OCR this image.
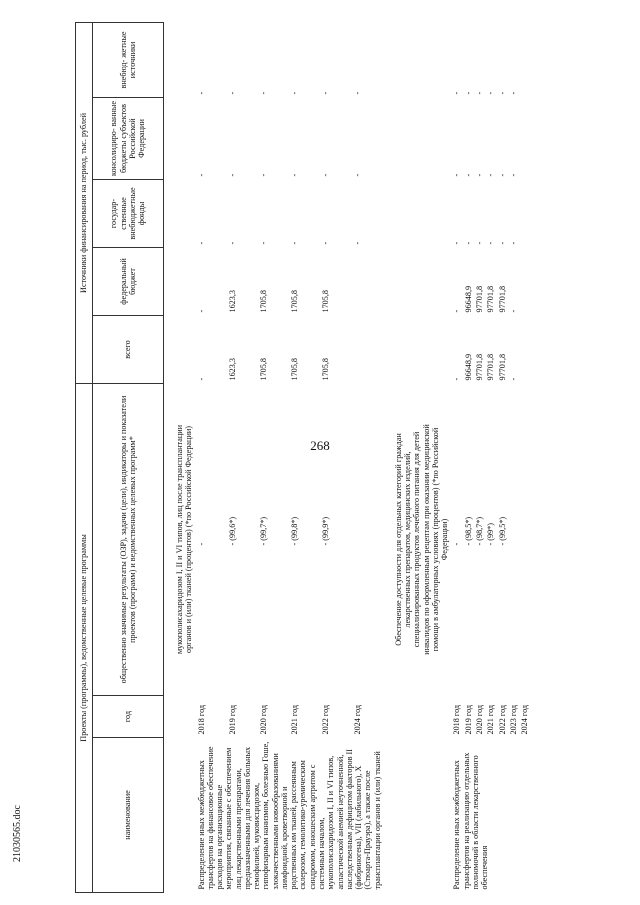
268
21030565.doc
Проекты (программы), ведомственные целевые программы			Источники финансирования на период, тыс. рублей				
наименование	год	общественно значимые результаты (ОЗР), задачи (цели), индикаторы и показатели проектов (программ) и ведомственных целевых программ*	всего	федеральный бюджет	государ- ственные внебюджетные фонды	консолидиро- ванные бюджеты субъектов Российской Федерации	внебюд- жетные источники

		мукополисахаридозом I, II и VI типов, лиц после трансплантации органов и (или) тканей (процентов) (*по Российской Федерации)					
Распределение иных межбюджетных трансфертов на финансовое обеспечение расходов на организационные мероприятия, связанные с обеспечением лиц лекарственными препаратами, предназначенными для лечения больных гемофилией, муковисцидозом, гипофизарным нанизмом, болезнью Гоше, злокачественными новообразованиями лимфоидной, кроветворной и родственных им тканей, рассеянным склерозом, гемолитико-уремическим синдромом, юношеским артритом с системным началом, мукополисахаридозом I, II и VI типов, апластической анемией неуточненной, наследственным дефицитом факторов II (фибриногена), VII (лабильного), X (Стюарта-Прауэра), а также после трансплантации органов и (или) тканей	2018 год	-	-	-	-	-	-
	2019 год	- (99,6*)	1623,3	1623,3	-	-	-
	2020 год	- (99,7*)	1705,8	1705,8	-	-	-
	2021 год	- (99,8*)	1705,8	1705,8	-	-	-
	2022 год	- (99,9*)	1705,8	1705,8	-	-	-
	2024 год				-	-	-

		Обеспечение доступности для отдельных категорий граждан лекарственных препаратов, медицинских изделий, специализированных продуктов лечебного питания для детей инвалидов по оформленным рецептам при оказании медицинской помощи в амбулаторных условиях (процентов) (*по Российской Федерации)					
Распределение иных межбюджетных трансфертов на реализацию отдельных полномочий в области лекарственного обеспечения	2018 год	-	-	-	-	-	-
	2019 год	- (98,5*)	96648,9	96648,9	-	-	-
	2020 год	- (98,7*)	97701,8	97701,8	-	-	-
	2021 год	- (99*)	97701,8	97701,8	-	-	-
	2022 год	- (99,5*)	97701,8	97701,8	-	-	-
	2023 год		-	-	-	-	-
	2024 год						
